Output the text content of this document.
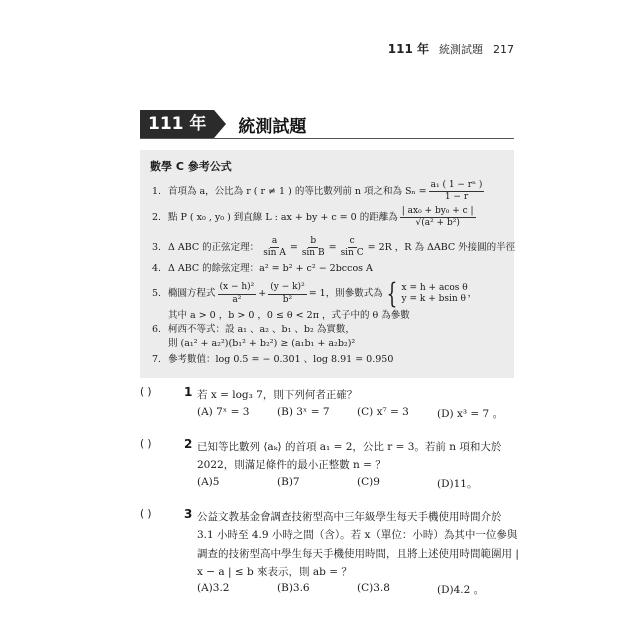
111 年 統測試題 217
111 年	統測試題
數學 C 參考公式
1. 首項為 a，公比為 r ( r ≠ 1 ) 的等比數列前 n 項之和為 $S_n = \frac{\text{a₁ ( 1 − rⁿ )}}{1 - r}$
2. 點 P ( x₀ , y₀ ) 到直線 L : ax + by + c = 0 的距離為 $\frac{\text{| ax₀ + by₀ + c |}}{\text{√(a² + b²)}}$
3. Δ ABC 的正弦定理： $\frac{a}{\text{sin A}} = \frac{b}{\text{sin B}} = \frac{c}{\text{sin C}} = 2R$ ，R 為 ΔABC 外接圓的半徑
4. Δ ABC 的餘弦定理：a² = b² + c² − 2bccos A
5. 橢圓方程式 $\frac{\text{(x − h)²}}{\text{a²}} + \frac{\text{(y − k)²}}{\text{b²}} = 1$，則參數式為 { x = h + acos θ
y = k + bsin θ ，
其中 a > 0 ，b > 0 ，0 ≤ θ < 2π ，式子中的 θ 為參數
6. 柯西不等式：設 a₁ 、a₂ 、b₁ 、b₂ 為實數，
則 (a₁² + a₂²)(b₁² + b₂²) ≥ (a₁b₁ + a₂b₂)²
7. 參考數值：log 0.5 = − 0.301 、log 8.91 = 0.950
( )	1 若 x = log₃ 7，則下列何者正確？
(A) 7ˣ = 3	(B) 3ˣ = 7	(C) x⁷ = 3	(D) x³ = 7 。
( )	2 已知等比數列 ⟨aₖ⟩ 的首項 a₁ = 2，公比 r = 3。若前 n 項和大於 2022，則滿足條件的最小正整數 n = ？
(A)5	(B)7	(C)9	(D)11。
( )	3 公益文教基金會調查技術型高中三年級學生每天手機使用時間介於 3.1 小時至 4.9 小時之間（含）。若 x（單位：小時）為其中一位參與調查的技術型高中學生每天手機使用時間，且將上述使用時間範圍用 | x − a | ≤ b 來表示，則 ab = ？
(A)3.2	(B)3.6	(C)3.8	(D)4.2 。
